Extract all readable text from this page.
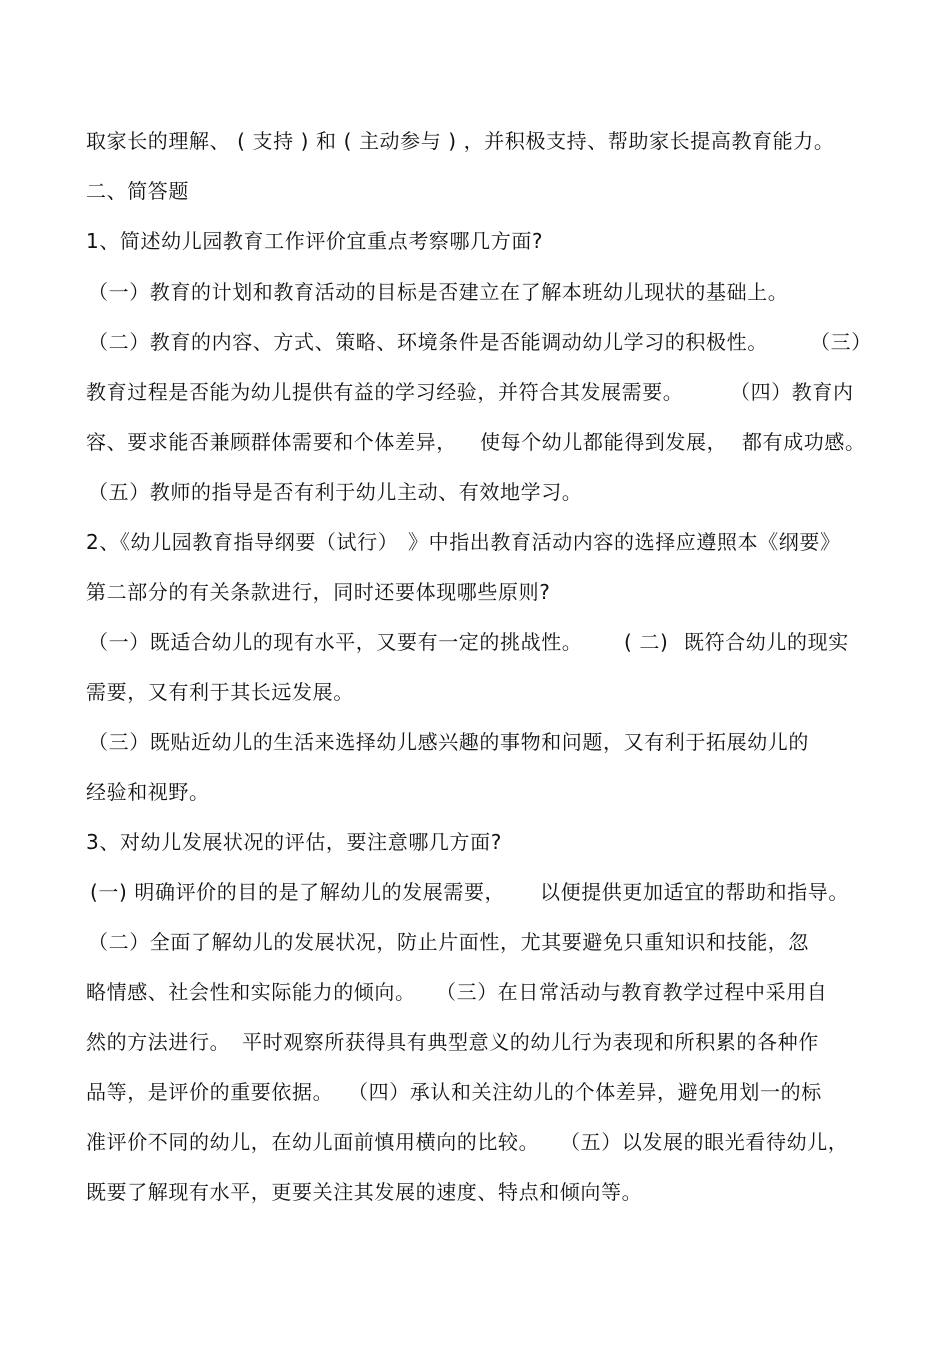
取家长的理解、 ( 支持 ) 和 ( 主动参与 ) ，并积极支持、帮助家长提高教育能力。
二、简答题
1、简述幼儿园教育工作评价宜重点考察哪几方面?
（一）教育的计划和教育活动的目标是否建立在了解本班幼儿现状的基础上。
（二）教育的内容、方式、策略、环境条件是否能调动幼儿学习的积极性。	（三）
教育过程是否能为幼儿提供有益的学习经验，并符合其发展需要。	（四）教育内
容、要求能否兼顾群体需要和个体差异，	使每个幼儿都能得到发展， 都有成功感。
（五）教师的指导是否有利于幼儿主动、有效地学习。
2、《幼儿园教育指导纲要（试行） 》中指出教育活动内容的选择应遵照本《纲要》
第二部分的有关条款进行，同时还要体现哪些原则?
（一）既适合幼儿的现有水平，又要有一定的挑战性。	( 二) 既符合幼儿的现实
需要，又有利于其长远发展。
（三）既贴近幼儿的生活来选择幼儿感兴趣的事物和问题，又有利于拓展幼儿的
经验和视野。
3、对幼儿发展状况的评估，要注意哪几方面?
(一) 明确评价的目的是了解幼儿的发展需要，	以便提供更加适宜的帮助和指导。
（二）全面了解幼儿的发展状况，防止片面性，尤其要避免只重知识和技能，忽
略情感、社会性和实际能力的倾向。	（三）在日常活动与教育教学过程中采用自
然的方法进行。 平时观察所获得具有典型意义的幼儿行为表现和所积累的各种作
品等，是评价的重要依据。 （四）承认和关注幼儿的个体差异，避免用划一的标
准评价不同的幼儿，在幼儿面前慎用横向的比较。	（五）以发展的眼光看待幼儿，
既要了解现有水平，更要关注其发展的速度、特点和倾向等。
